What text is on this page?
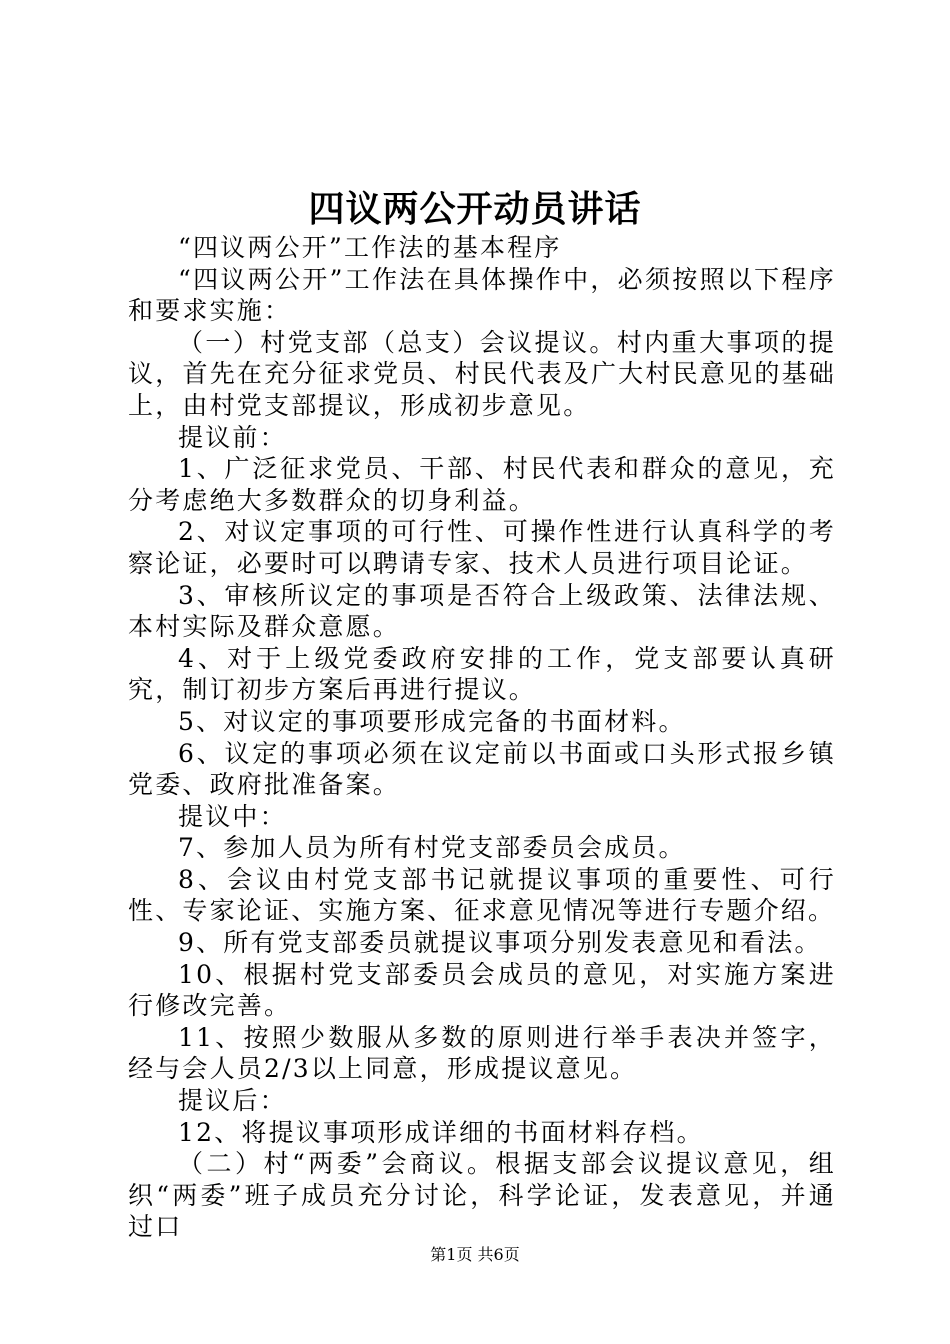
四议两公开动员讲话

“四议两公开”工作法的基本程序

“四议两公开”工作法在具体操作中，必须按照以下程序和要求实施：

（一）村党支部（总支）会议提议。村内重大事项的提议，首先在充分征求党员、村民代表及广大村民意见的基础上，由村党支部提议，形成初步意见。

提议前：

1、广泛征求党员、干部、村民代表和群众的意见，充分考虑绝大多数群众的切身利益。

2、对议定事项的可行性、可操作性进行认真科学的考察论证，必要时可以聘请专家、技术人员进行项目论证。

3、审核所议定的事项是否符合上级政策、法律法规、本村实际及群众意愿。

4、对于上级党委政府安排的工作，党支部要认真研究，制订初步方案后再进行提议。

5、对议定的事项要形成完备的书面材料。

6、议定的事项必须在议定前以书面或口头形式报乡镇党委、政府批准备案。

提议中：

7、参加人员为所有村党支部委员会成员。

8、会议由村党支部书记就提议事项的重要性、可行性、专家论证、实施方案、征求意见情况等进行专题介绍。

9、所有党支部委员就提议事项分别发表意见和看法。

10、根据村党支部委员会成员的意见，对实施方案进行修改完善。

11、按照少数服从多数的原则进行举手表决并签字，经与会人员2/3以上同意，形成提议意见。

提议后：

12、将提议事项形成详细的书面材料存档。

（二）村“两委”会商议。根据支部会议提议意见，组织“两委”班子成员充分讨论，科学论证，发表意见，并通过口

第1页 共6页
